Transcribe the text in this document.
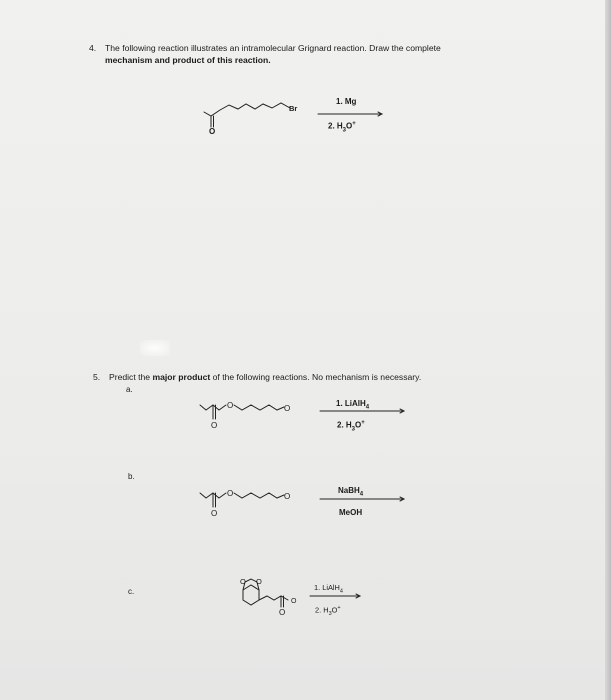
4. The following reaction illustrates an intramolecular Grignard reaction. Draw the complete
mechanism and product of this reaction.
1. Mg
2. $H_3O^+$
5. Predict the major product of the following reactions. No mechanism is necessary.
a.
b.
c.
1. LiAlH$_4$
2. $H_3O^+$
NaBH$_4$
MeOH
1. LiAlH$_4$
2. $H_3O^+$
Br
O
O
O
O
O
O
O
O O
O
O
